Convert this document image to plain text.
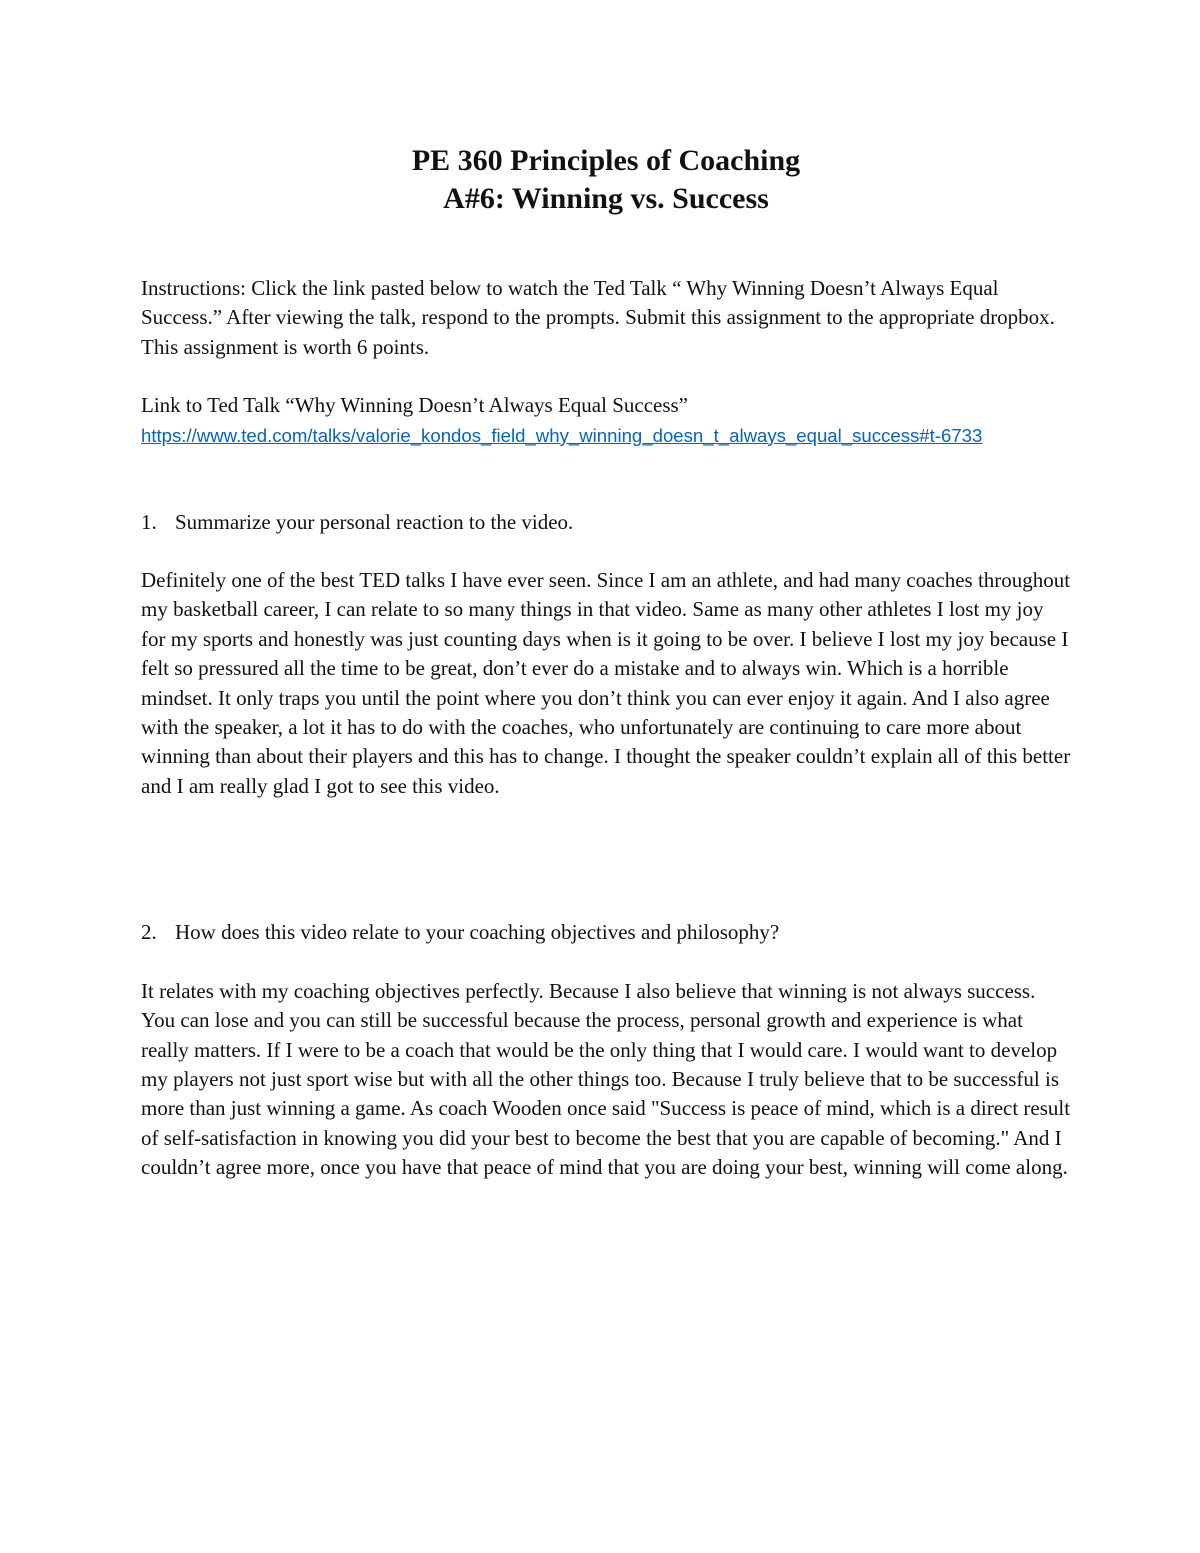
PE 360 Principles of Coaching
A#6: Winning vs. Success

Instructions: Click the link pasted below to watch the Ted Talk “ Why Winning Doesn’t Always Equal Success.” After viewing the talk, respond to the prompts. Submit this assignment to the appropriate dropbox. This assignment is worth 6 points.

Link to Ted Talk “Why Winning Doesn’t Always Equal Success”

https://www.ted.com/talks/valorie_kondos_field_why_winning_doesn_t_always_equal_success#t-6733
1. Summarize your personal reaction to the video.

Definitely one of the best TED talks I have ever seen. Since I am an athlete, and had many coaches throughout my basketball career, I can relate to so many things in that video. Same as many other athletes I lost my joy for my sports and honestly was just counting days when is it going to be over. I believe I lost my joy because I felt so pressured all the time to be great, don’t ever do a mistake and to always win. Which is a horrible mindset. It only traps you until the point where you don’t think you can ever enjoy it again. And I also agree with the speaker, a lot it has to do with the coaches, who unfortunately are continuing to care more about winning than about their players and this has to change. I thought the speaker couldn’t explain all of this better and I am really glad I got to see this video.

2. How does this video relate to your coaching objectives and philosophy?

It relates with my coaching objectives perfectly. Because I also believe that winning is not always success. You can lose and you can still be successful because the process, personal growth and experience is what really matters. If I were to be a coach that would be the only thing that I would care. I would want to develop my players not just sport wise but with all the other things too. Because I truly believe that to be successful is more than just winning a game. As coach Wooden once said "Success is peace of mind, which is a direct result of self-satisfaction in knowing you did your best to become the best that you are capable of becoming." And I couldn’t agree more, once you have that peace of mind that you are doing your best, winning will come along.
